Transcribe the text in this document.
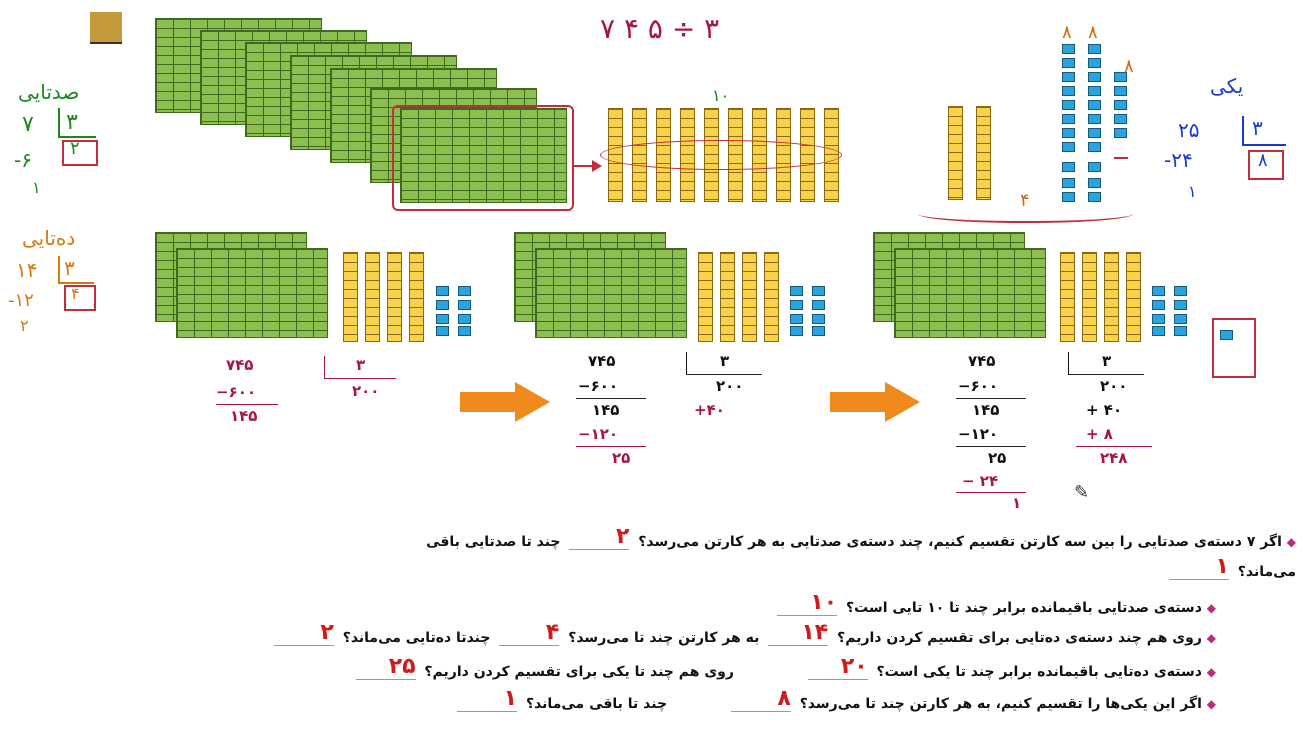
۷ ۴ ۵ ÷ ۳
۱۰
۸ ۸
۸
۴
صدتایی
۷ ۳
۲
-۶
۱
ده‌تایی
۱۴ ۳
۴
-۱۲
۲
یکی
۲۵	۳
۸
-۲۴
۱
۷۴۵
−۶۰۰
۱۴۵
۳
۲۰۰
۷۴۵
−۶۰۰
۱۴۵
−۱۲۰
۲۵
۳
۲۰۰
+۴۰
۷۴۵
−۶۰۰
۱۴۵
−۱۲۰
۲۵
− ۲۴
۱
۳
۲۰۰
+ ۴۰
+ ۸
۲۴۸
✎
◆ اگر ۷ دسته‌ی صدتایی را بین سه کارتن تقسیم کنیم، چند دسته‌ی صدتایی به هر کارتن می‌رسد؟ ۲ چند تا صدتایی باقی
می‌ماند؟ ۱
◆ دسته‌ی صدتایی باقیمانده برابر چند تا ۱۰ تایی است؟ ۱۰
◆ روی هم چند دسته‌ی ده‌تایی برای تقسیم کردن داریم؟ ۱۴ به هر کارتن چند تا می‌رسد؟ ۴ چندتا ده‌تایی می‌ماند؟ ۲
◆ دسته‌ی ده‌تایی باقیمانده برابر چند تا یکی است؟ ۲۰  روی هم چند تا یکی برای تقسیم کردن داریم؟ ۲۵
◆ اگر این یکی‌ها را تقسیم کنیم، به هر کارتن چند تا می‌رسد؟ ۸  چند تا باقی می‌ماند؟ ۱
